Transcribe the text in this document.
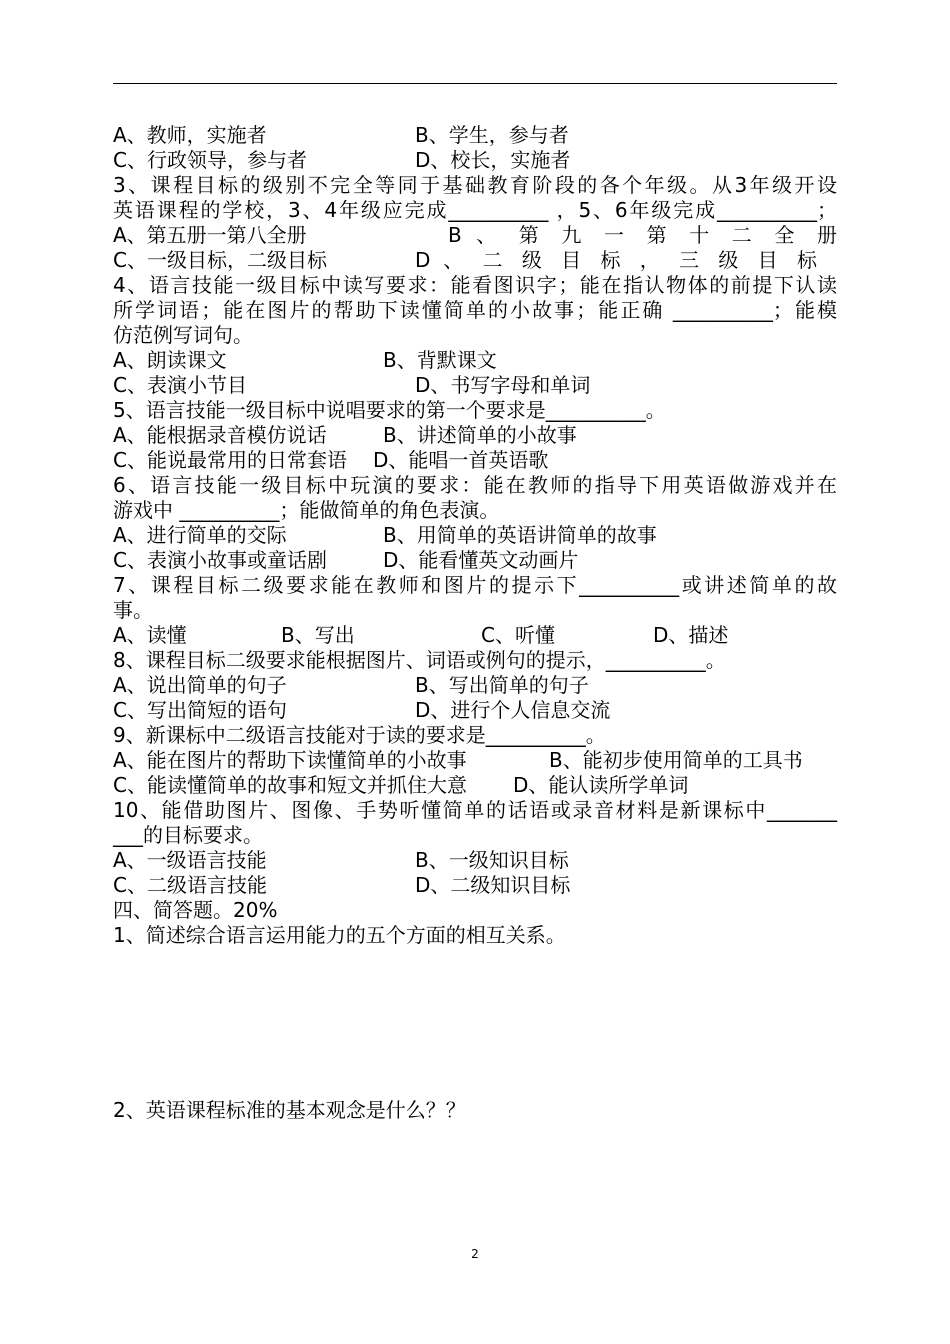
A、教师，实施者	B、学生，参与者
C、行政领导，参与者	D、校长，实施者
3、课程目标的级别不完全等同于基础教育阶段的各个年级。从3年级开设
英语课程的学校，3、4年级应完成__________ ，5、6年级完成__________；
A、第五册一第八全册	B 、 第 九 一 第 十 二 全 册
C、一级目标，二级目标	D 、 二 级 目 标 ， 三 级 目 标
4、语言技能一级目标中读写要求：能看图识字；能在指认物体的前提下认读
所学词语；能在图片的帮助下读懂简单的小故事；能正确 __________；能模
仿范例写词句。
A、朗读课文	B、背默课文
C、表演小节目	D、书写字母和单词
5、语言技能一级目标中说唱要求的第一个要求是__________。
A、能根据录音模仿说话	B、讲述简单的小故事
C、能说最常用的日常套语 D、能唱一首英语歌
6、语言技能一级目标中玩演的要求：能在教师的指导下用英语做游戏并在
游戏中 __________；能做简单的角色表演。
A、进行简单的交际	B、用简单的英语讲简单的故事
C、表演小故事或童话剧	D、能看懂英文动画片
7、课程目标二级要求能在教师和图片的提示下__________或讲述简单的故
事。
A、读懂	B、写出	C、听懂	D、描述
8、课程目标二级要求能根据图片、词语或例句的提示，__________。
A、说出简单的句子	B、写出简单的句子
C、写出简短的语句	D、进行个人信息交流
9、新课标中二级语言技能对于读的要求是__________。
A、能在图片的帮助下读懂简单的小故事	B、能初步使用简单的工具书
C、能读懂简单的故事和短文并抓住大意 D、能认读所学单词
10、能借助图片、图像、手势听懂简单的话语或录音材料是新课标中_______
___的目标要求。
A、一级语言技能	B、一级知识目标
C、二级语言技能	D、二级知识目标
四、简答题。20%
1、简述综合语言运用能力的五个方面的相互关系。
2、英语课程标准的基本观念是什么？？
2
